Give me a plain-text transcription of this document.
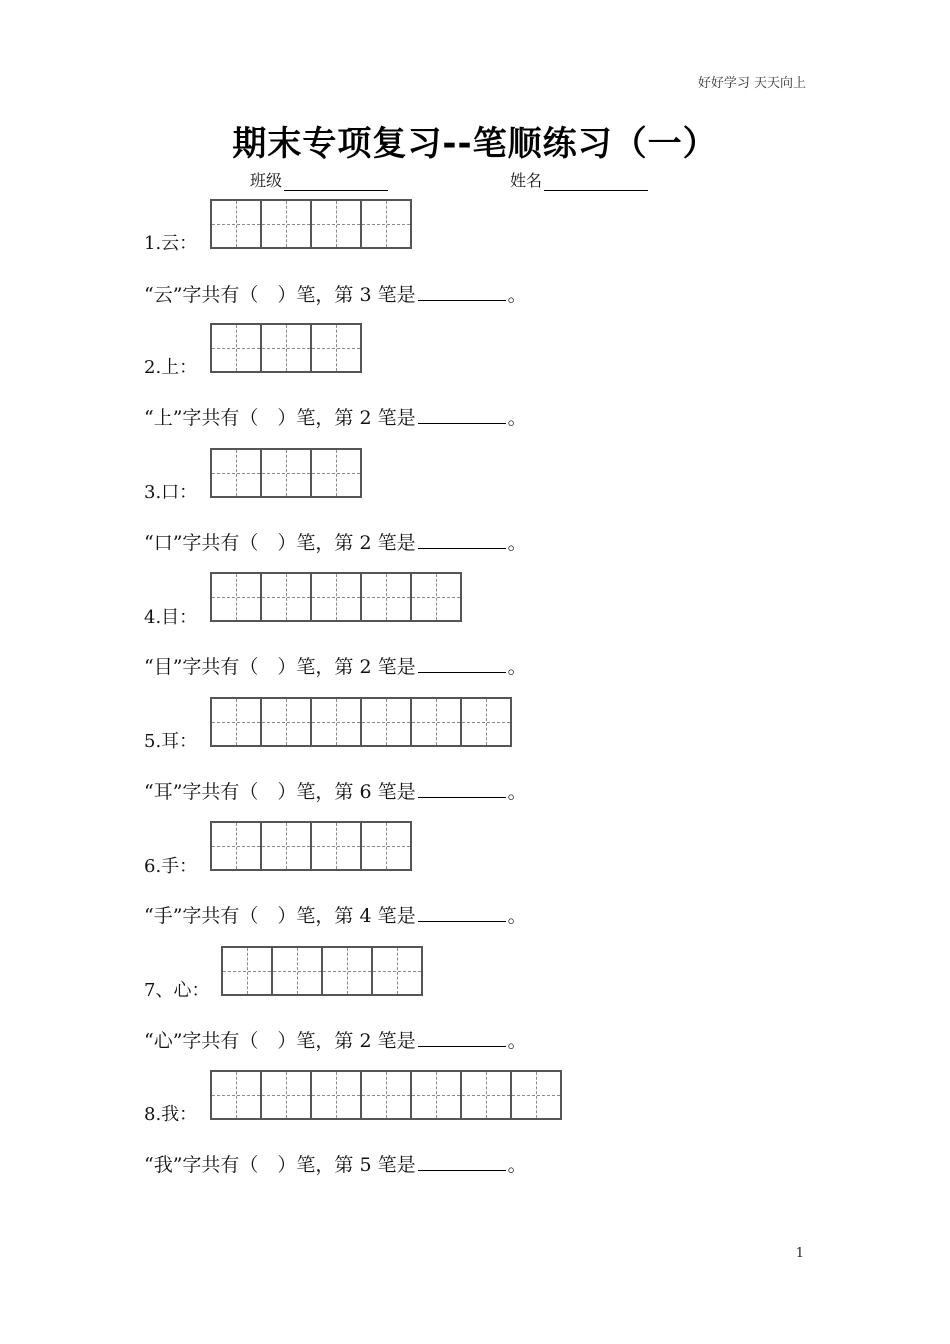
好好学习 天天向上
期末专项复习--笔顺练习（一）
班级	姓名
1.云：
“云”字共有（　）笔，第 3 笔是	。
2.上：
“上”字共有（　）笔，第 2 笔是	。
3.口：
“口”字共有（　）笔，第 2 笔是	。
4.目：
“目”字共有（　）笔，第 2 笔是	。
5.耳：
“耳”字共有（　）笔，第 6 笔是	。
6.手：
“手”字共有（　）笔，第 4 笔是	。
7、心：
“心”字共有（　）笔，第 2 笔是	。
8.我：
“我”字共有（　）笔，第 5 笔是	。
1
